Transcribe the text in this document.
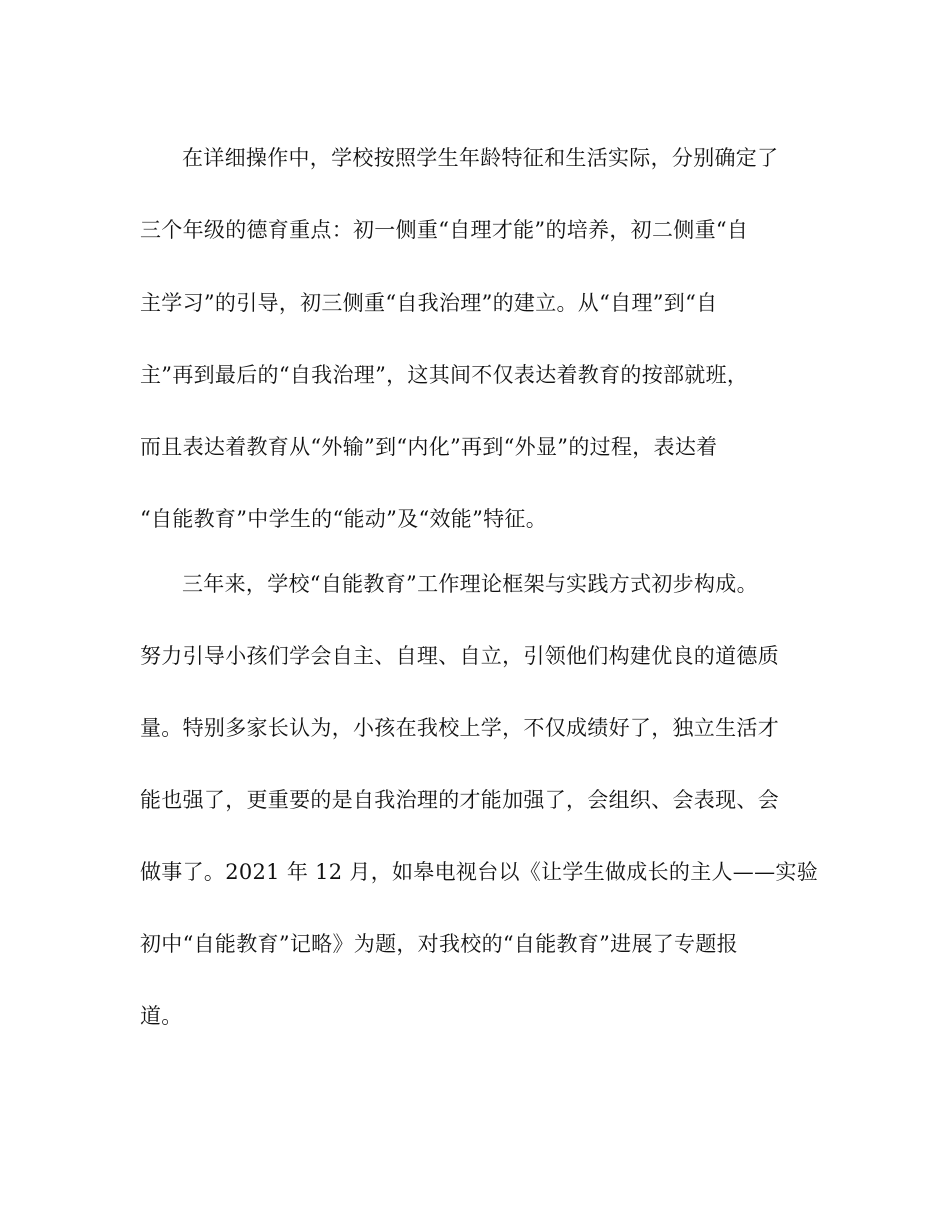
在详细操作中，学校按照学生年龄特征和生活实际，分别确定了

三个年级的德育重点：初一侧重“自理才能”的培养，初二侧重“自

主学习”的引导，初三侧重“自我治理”的建立。从“自理”到“自

主”再到最后的“自我治理”，这其间不仅表达着教育的按部就班，

而且表达着教育从“外输”到“内化”再到“外显”的过程，表达着

“自能教育”中学生的“能动”及“效能”特征。

三年来，学校“自能教育”工作理论框架与实践方式初步构成。

努力引导小孩们学会自主、自理、自立，引领他们构建优良的道德质

量。特别多家长认为，小孩在我校上学，不仅成绩好了，独立生活才

能也强了，更重要的是自我治理的才能加强了，会组织、会表现、会

做事了。2021 年 12 月，如皋电视台以《让学生做成长的主人——实验

初中“自能教育”记略》为题，对我校的“自能教育”进展了专题报

道。
